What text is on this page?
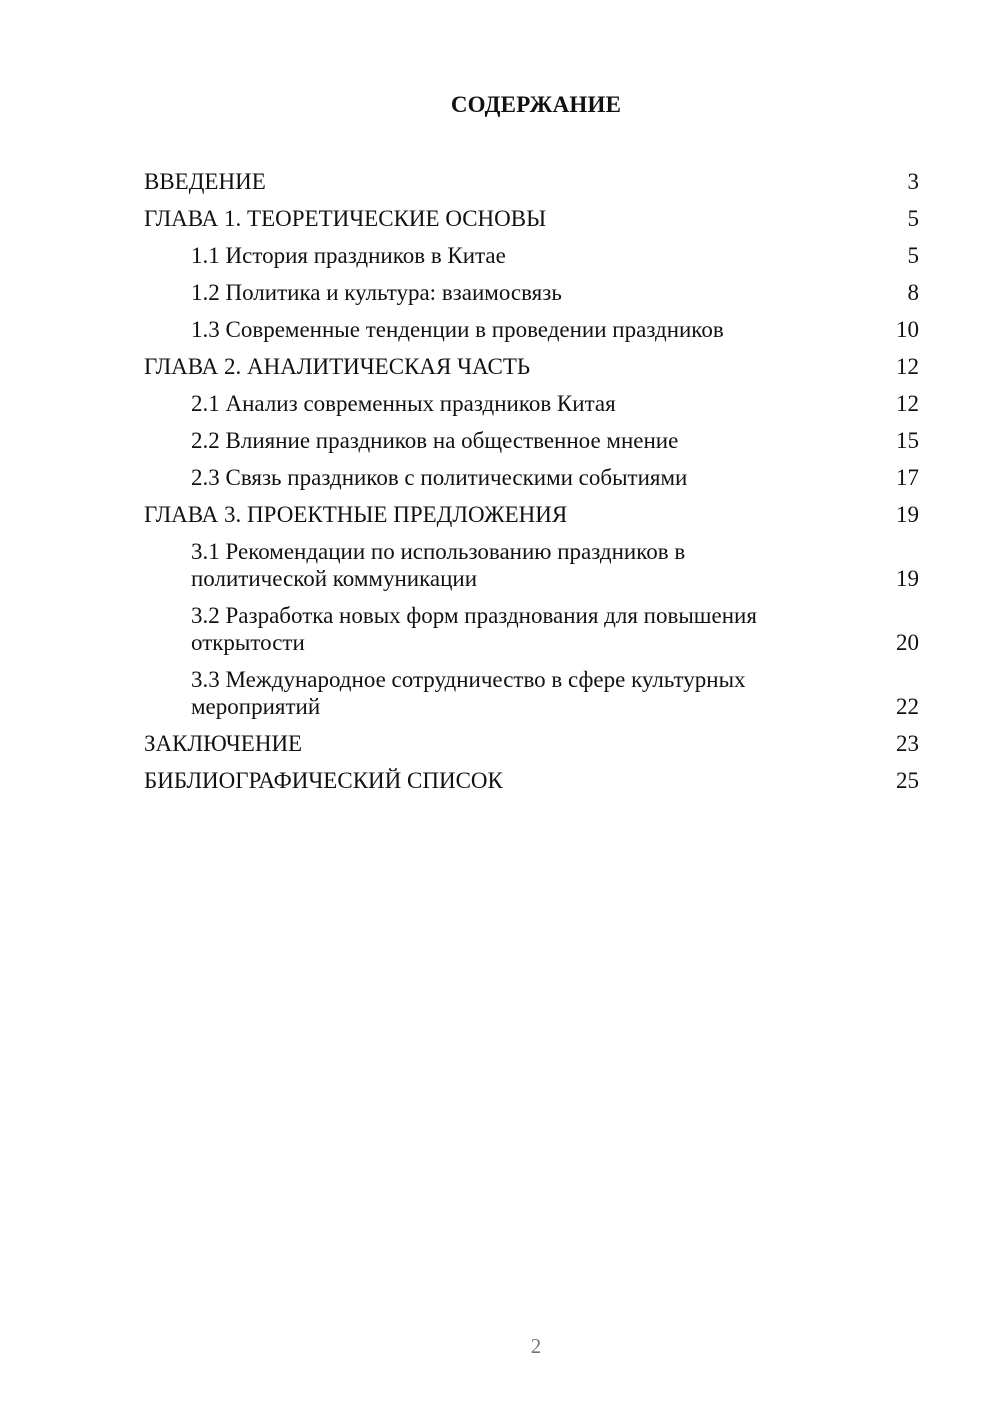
СОДЕРЖАНИЕ
ВВЕДЕНИЕ	3
ГЛАВА 1. ТЕОРЕТИЧЕСКИЕ ОСНОВЫ	5
1.1 История праздников в Китае	5
1.2 Политика и культура: взаимосвязь	8
1.3 Современные тенденции в проведении праздников	10
ГЛАВА 2. АНАЛИТИЧЕСКАЯ ЧАСТЬ	12
2.1 Анализ современных праздников Китая	12
2.2 Влияние праздников на общественное мнение	15
2.3 Связь праздников с политическими событиями	17
ГЛАВА 3. ПРОЕКТНЫЕ ПРЕДЛОЖЕНИЯ	19
3.1 Рекомендации по использованию праздников в политической коммуникации	19
3.2 Разработка новых форм празднования для повышения открытости	20
3.3 Международное сотрудничество в сфере культурных мероприятий	22
ЗАКЛЮЧЕНИЕ	23
БИБЛИОГРАФИЧЕСКИЙ СПИСОК	25
2
